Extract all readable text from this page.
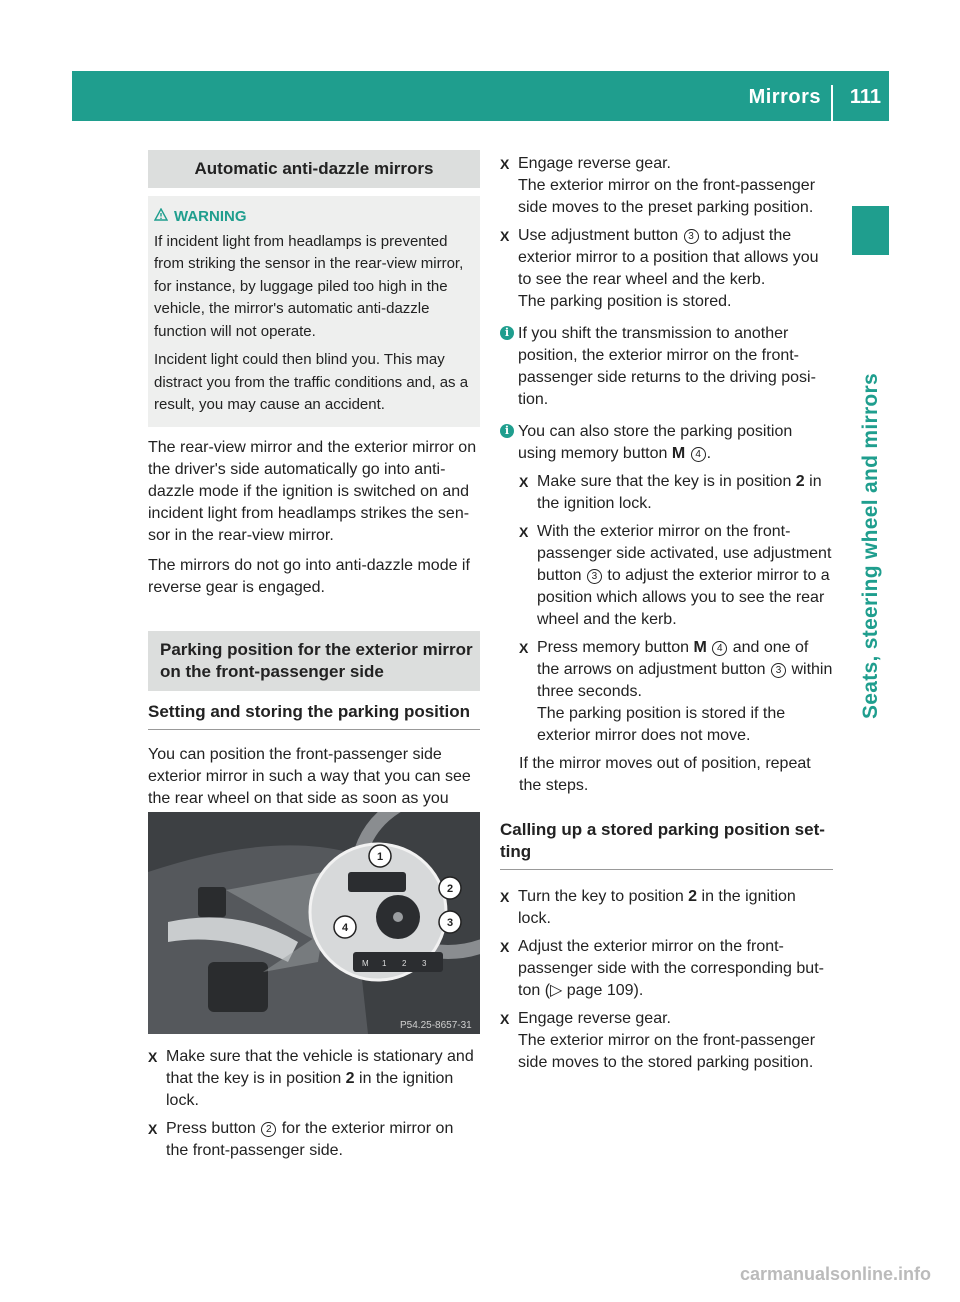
Mirrors 111
Seats, steering wheel and mirrors
Automatic anti-dazzle mirrors
WARNING

If incident light from headlamps is prevented from striking the sensor in the rear-view mirror, for instance, by luggage piled too high in the vehicle, the mirror's automatic anti-dazzle function will not operate.

Incident light could then blind you. This may distract you from the traffic conditions and, as a result, you may cause an accident.

The rear-view mirror and the exterior mirror on the driver's side automatically go into anti-dazzle mode if the ignition is switched on and incident light from headlamps strikes the sensor in the rear-view mirror.

The mirrors do not go into anti-dazzle mode if reverse gear is engaged.

Parking position for the exterior mirror on the front-passenger side
Setting and storing the parking position

You can position the front-passenger side exterior mirror in such a way that you can see the rear wheel on that side as soon as you

1
2
3
4
M 1 2 3
P54.25-8657-31
X Make sure that the vehicle is stationary and that the key is in position 2 in the ignition lock.
X Press button 2 for the exterior mirror on the front-passenger side.
X Engage reverse gear.
The exterior mirror on the front-passenger side moves to the preset parking position.
X Use adjustment button 3 to adjust the exterior mirror to a position that allows you to see the rear wheel and the kerb.
The parking position is stored.
i If you shift the transmission to another position, the exterior mirror on the front-passenger side returns to the driving position.
i You can also store the parking position using memory button M 4 .
X Make sure that the key is in position 2 in the ignition lock.
X With the exterior mirror on the front-passenger side activated, use adjustment button 3 to adjust the exterior mirror to a position which allows you to see the rear wheel and the kerb.
X Press memory button M 4 and one of the arrows on adjustment button 3 within three seconds.
The parking position is stored if the exterior mirror does not move.

If the mirror moves out of position, repeat the steps.

Calling up a stored parking position setting
X Turn the key to position 2 in the ignition lock.
X Adjust the exterior mirror on the front-passenger side with the corresponding button (▷ page 109).
X Engage reverse gear.
The exterior mirror on the front-passenger side moves to the stored parking position.
carmanualsonline.info
